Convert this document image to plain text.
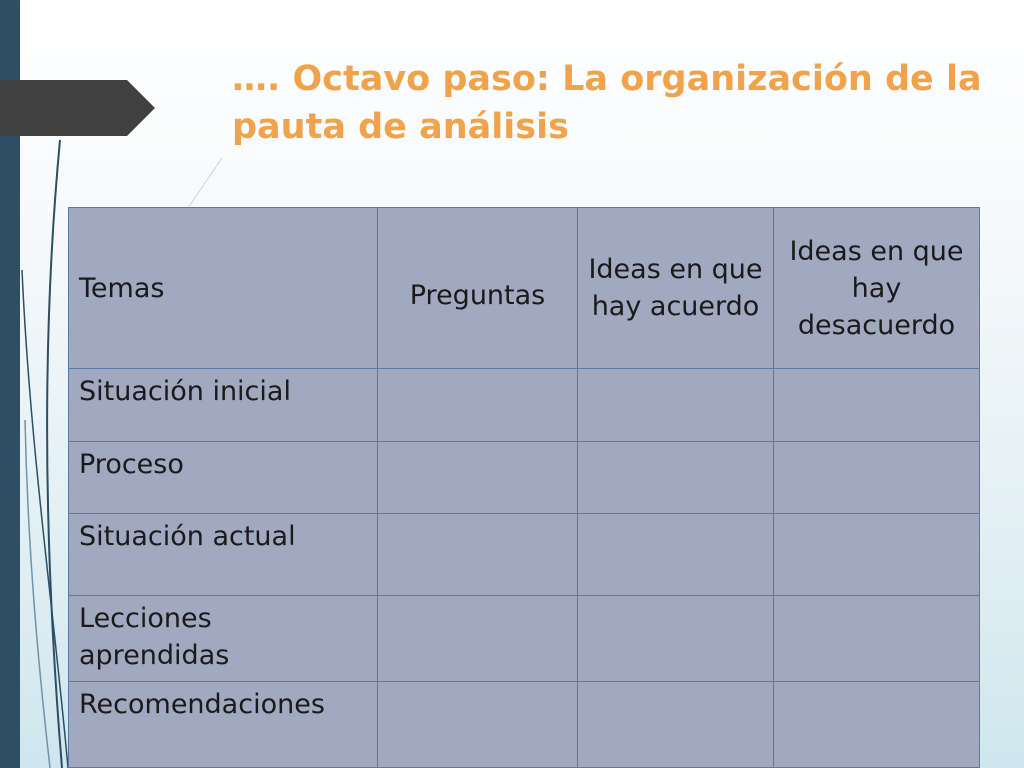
…. Octavo paso: La organización de la pauta de análisis
Temas	Preguntas	Ideas en que hay acuerdo	Ideas en que hay desacuerdo
Situación inicial			
Proceso			
Situación actual			
Lecciones aprendidas			
Recomendaciones			
